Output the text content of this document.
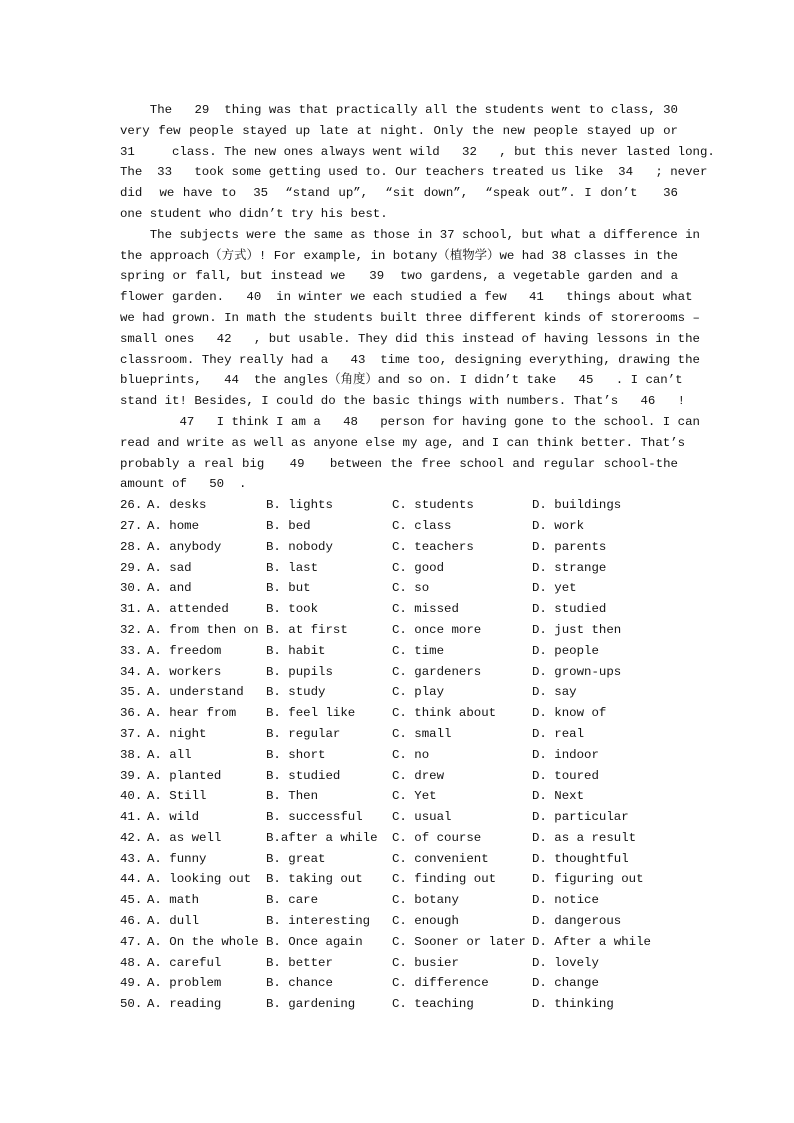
The   29  thing was that practically all the students went to class, 30
very few people stayed up late at night. Only the new people stayed up or
31     class. The new ones always went wild   32   , but this never lasted long.
The  33   took some getting used to. Our teachers treated us like  34   ; never
did  we have to  35  “stand up”,  “sit down”,  “speak out”. I don’t   36
one student who didn’t try his best.
The subjects were the same as those in 37 school, but what a difference in
the approach（方式）! For example, in botany（植物学）we had 38 classes in the
spring or fall, but instead we   39  two gardens, a vegetable garden and a
flower garden.   40  in winter we each studied a few   41   things about what
we had grown. In math the students built three different kinds of storerooms –
small ones   42   , but usable. They did this instead of having lessons in the
classroom. They really had a   43  time too, designing everything, drawing the
blueprints,   44  the angles（角度）and so on. I didn’t take   45   . I can’t
stand it! Besides, I could do the basic things with numbers. That’s   46   !
47   I think I am a   48   person for having gone to the school. I can
read and write as well as anyone else my age, and I can think better. That’s
probably a real big   49   between the free school and regular school-the
amount of   50  .
26. A. desks	B. lights	C. students	D. buildings
27. A. home	B. bed	C. class	D. work
28. A. anybody	B. nobody	C. teachers	D. parents
29. A. sad	B. last	C. good	D. strange
30. A. and	B. but	C. so	D. yet
31. A. attended	B. took	C. missed	D. studied
32. A. from then on B. at first	C. once more	D. just then
33. A. freedom	B. habit	C. time	D. people
34. A. workers	B. pupils	C. gardeners	D. grown-ups
35. A. understand B. study	C. play	D. say
36. A. hear from B. feel like	C. think about	D. know of
37. A. night	B. regular	C. small	D. real
38. A. all	B. short	C. no	D. indoor
39. A. planted	B. studied	C. drew	D. toured
40. A. Still	B. Then	C. Yet	D. Next
41. A. wild	B. successful C. usual	D. particular
42. A. as well	B.after a while C. of course	D. as a result
43. A. funny	B. great	C. convenient	D. thoughtful
44. A. looking out B. taking out C. finding out	D. figuring out
45. A. math	B. care	C. botany	D. notice
46. A. dull	B. interesting C. enough	D. dangerous
47. A. On the whole B. Once again C. Sooner or later D. After a while
48. A. careful	B. better	C. busier	D. lovely
49. A. problem	B. chance	C. difference	D. change
50. A. reading	B. gardening	C. teaching	D. thinking
